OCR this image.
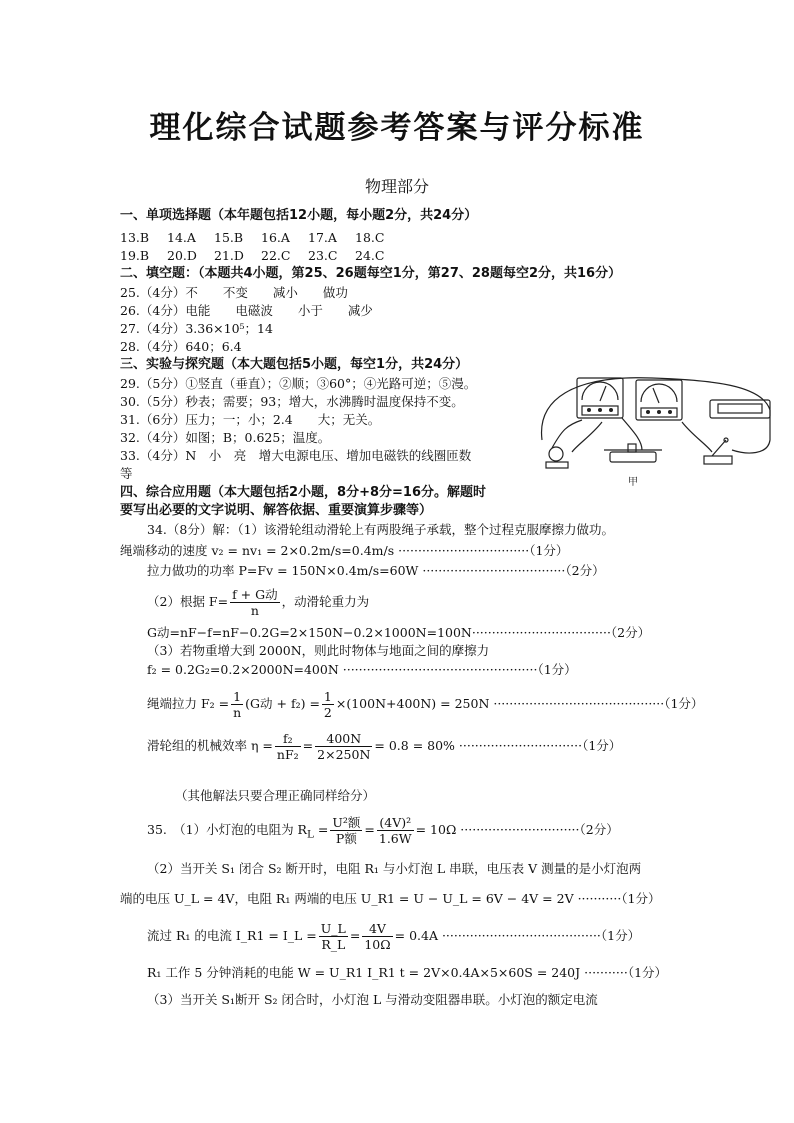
理化综合试题参考答案与评分标准
物理部分
一、单项选择题（本年题包括12小题，每小题2分，共24分）
13.B 14.A 15.B 16.A 17.A 18.C
19.B 20.D 21.D 22.C 23.C 24.C
二、填空题：（本题共4小题，第25、26题每空1分，第27、28题每空2分，共16分）
25.（4分）不　　不变　　减小　　做功
26.（4分）电能　　电磁波　　小于　　减少
27.（4分）3.36×10⁵；14
28.（4分）640；6.4
三、实验与探究题（本大题包括5小题，每空1分，共24分）
29.（5分）①竖直（垂直）；②顺；③60°；④光路可逆；⑤漫。
30.（5分）秒表；需要；93；增大，水沸腾时温度保持不变。
31.（6分）压力；一；小；2.4　　大；无关。
32.（4分）如图；B；0.625；温度。
33.（4分）N　小　亮　增大电源电压、增加电磁铁的线圈匝数
等
甲
四、综合应用题（本大题包括2小题，8分+8分=16分。解题时
要写出必要的文字说明、解答依据、重要演算步骤等）
34.（8分）解：（1）该滑轮组动滑轮上有两股绳子承载，整个过程克服摩擦力做功。
绳端移动的速度 v₂ = nv₁ = 2×0.2m/s=0.4m/s ·································（1分）
拉力做功的功率 P=Fv = 150N×0.4m/s=60W ····································（2分）
（2）根据 $F= \frac{\text{f + G动}}{n}$ ，动滑轮重力为
G动=nF−f=nF−0.2G=2×150N−0.2×1000N=100N···································（2分）
（3）若物重增大到 2000N，则此时物体与地面之间的摩擦力
f₂ = 0.2G₂=0.2×2000N=400N ·················································（1分）
绳端拉力 $F_2 = \frac{1}{n} (G$动 + $f_2) = \frac{1}{2} \times(100N+400N) = 250N \cdot\cdot\cdot\cdot\cdot\cdot\cdot\cdot\cdot\cdot\cdot\cdot\cdot\cdot\cdot\cdot\cdot\cdot\cdot\cdot\cdot\cdot\cdot\cdot\cdot\cdot\cdot\cdot\cdot\cdot\cdot\cdot\cdot\cdot\cdot\cdot\cdot\cdot\cdot\cdot\cdot\cdot\cdot(1$分）
滑轮组的机械效率 $\eta = \frac{\text{f₂}}{\text{nF₂}} = \frac{400N}{2\times 250N} = 0.8 = 80\% \cdot\cdot\cdot\cdot\cdot\cdot\cdot\cdot\cdot\cdot\cdot\cdot\cdot\cdot\cdot\cdot\cdot\cdot\cdot\cdot\cdot\cdot\cdot\cdot\cdot\cdot\cdot\cdot\cdot\cdot\cdot(1$分）
（其他解法只要合理正确同样给分）
35.　（1）小灯泡的电阻为 $R_L = \frac{\text{U²额}}{\text{P额}} = \frac{\text{(4V)²}}{1.6W} = 10\Omega \cdot\cdot\cdot\cdot\cdot\cdot\cdot\cdot\cdot\cdot\cdot\cdot\cdot\cdot\cdot\cdot\cdot\cdot\cdot\cdot\cdot\cdot\cdot\cdot\cdot\cdot\cdot\cdot\cdot\cdot(2$分）
（2）当开关 S₁ 闭合 S₂ 断开时，电阻 R₁ 与小灯泡 L 串联，电压表 V 测量的是小灯泡两
端的电压 U_L = 4V，电阻 R₁ 两端的电压 U_R1 = U − U_L = 6V − 4V = 2V ···········（1分）
流过 R₁ 的电流 I_R1 = I_L = $\frac{U\_L}{R\_L} = \frac{4V}{10\Omega} = 0.4A \cdot\cdot\cdot\cdot\cdot\cdot\cdot\cdot\cdot\cdot\cdot\cdot\cdot\cdot\cdot\cdot\cdot\cdot\cdot\cdot\cdot\cdot\cdot\cdot\cdot\cdot\cdot\cdot\cdot\cdot\cdot\cdot\cdot\cdot\cdot\cdot\cdot\cdot\cdot\cdot(1$分）
R₁ 工作 5 分钟消耗的电能 W = U_R1 I_R1 t = 2V×0.4A×5×60S = 240J ···········（1分）
（3）当开关 S₁断开 S₂ 闭合时，小灯泡 L 与滑动变阻器串联。小灯泡的额定电流
